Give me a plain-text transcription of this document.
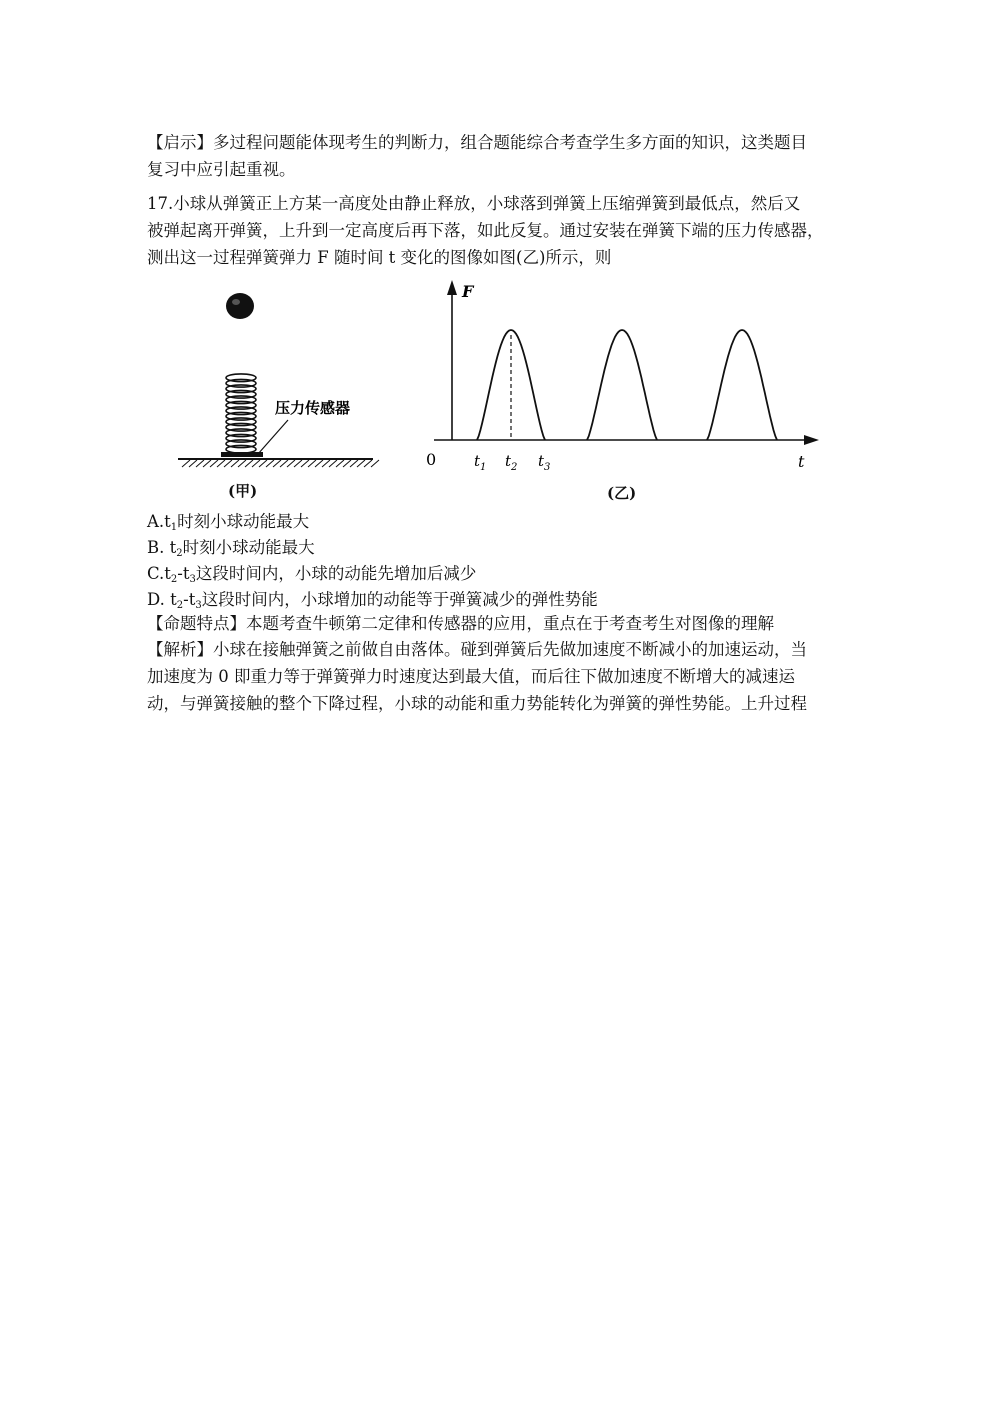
【启示】多过程问题能体现考生的判断力，组合题能综合考查学生多方面的知识，这类题目
复习中应引起重视。
17.小球从弹簧正上方某一高度处由静止释放，小球落到弹簧上压缩弹簧到最低点，然后又
被弹起离开弹簧，上升到一定高度后再下落，如此反复。通过安装在弹簧下端的压力传感器，
测出这一过程弹簧弹力 F 随时间 t 变化的图像如图(乙)所示，则
压力传感器
(甲)
F
t
0	$t_1$ $t_2$ $t_3$
(乙)
$A.t_1$时刻小球动能最大
B. $t_2$时刻小球动能最大
$C.t_2-t_3$这段时间内，小球的动能先增加后减少
D. $t_2-t_3$这段时间内，小球增加的动能等于弹簧减少的弹性势能
【命题特点】本题考查牛顿第二定律和传感器的应用，重点在于考查考生对图像的理解
【解析】小球在接触弹簧之前做自由落体。碰到弹簧后先做加速度不断减小的加速运动，当
加速度为 0 即重力等于弹簧弹力时速度达到最大值，而后往下做加速度不断增大的减速运
动，与弹簧接触的整个下降过程，小球的动能和重力势能转化为弹簧的弹性势能。上升过程
